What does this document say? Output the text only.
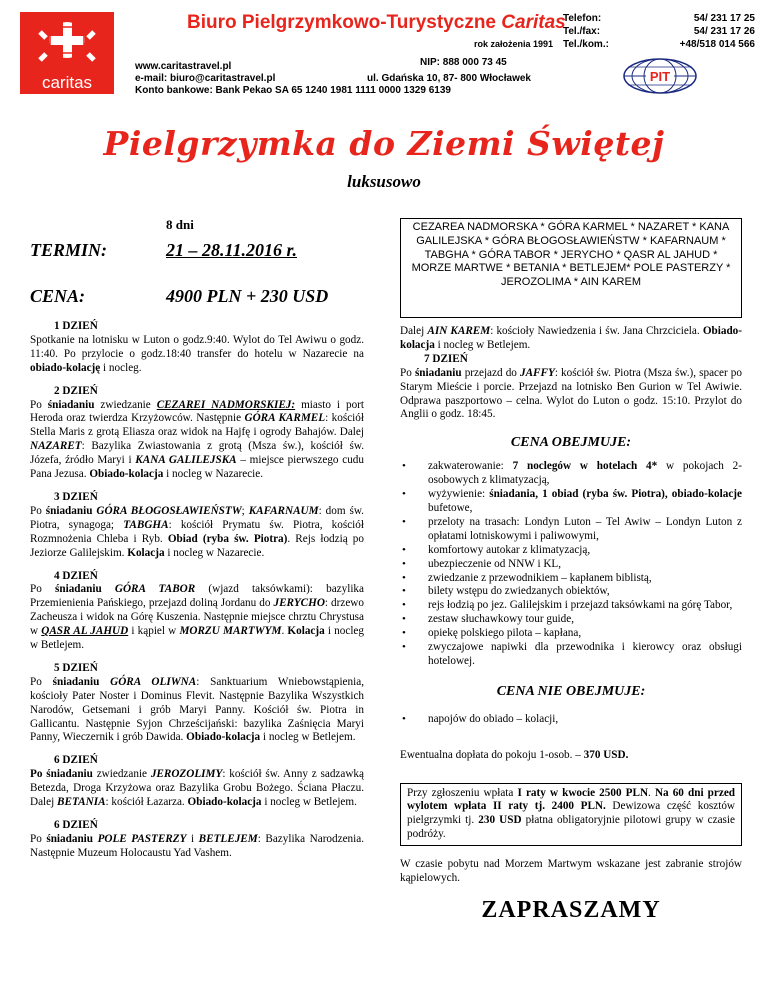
caritas
Biuro Pielgrzymkowo-Turystyczne Caritas
rok założenia 1991
Telefon:	54/ 231 17 25
Tel./fax:	54/ 231 17 26
Tel./kom.:	+48/518 014 566
www.caritastravel.pl	NIP: 888 000 73 45
e-mail: biuro@caritastravel.pl	ul. Gdańska 10, 87- 800 Włocławek
Konto bankowe: Bank Pekao SA 65 1240 1981 1111 0000 1329 6139
PIT
Pielgrzymka do Ziemi Świętej
luksusowo
8 dni
TERMIN:	21 – 28.11.2016 r.
CENA:	4900 PLN + 230 USD
CEZAREA NADMORSKA * GÓRA KARMEL * NAZARET * KANA GALILEJSKA * GÓRA BŁOGOSŁAWIEŃSTW * KAFARNAUM * TABGHA * GÓRA TABOR * JERYCHO * QASR AL JAHUD * MORZE MARTWE * BETANIA * BETLEJEM* POLE PASTERZY * JEROZOLIMA * AIN KAREM
1 DZIEŃ

Spotkanie na lotnisku w Luton o godz.9:40. Wylot do Tel Awiwu o godz. 11:40. Po przylocie o godz.18:40 transfer do hotelu w Nazarecie na obiado-kolację i nocleg.

2 DZIEŃ

Po śniadaniu zwiedzanie CEZAREI NADMORSKIEJ: miasto i port Heroda oraz twierdza Krzyżowców. Następnie GÓRA KARMEL: kościół Stella Maris z grotą Eliasza oraz widok na Hajfę i ogrody Bahajów. Dalej NAZARET: Bazylika Zwiastowania z grotą (Msza św.), kościół św. Józefa, źródło Maryi i KANA GALILEJSKA – miejsce pierwszego cudu Pana Jezusa. Obiado-kolacja i nocleg w Nazarecie.

3 DZIEŃ

Po śniadaniu GÓRA BŁOGOSŁAWIEŃSTW; KAFARNAUM: dom św. Piotra, synagoga; TABGHA: kościół Prymatu św. Piotra, kościół Rozmnożenia Chleba i Ryb. Obiad (ryba św. Piotra). Rejs łodzią po Jeziorze Galilejskim. Kolacja i nocleg w Nazarecie.

4 DZIEŃ

Po śniadaniu GÓRA TABOR (wjazd taksówkami): bazylika Przemienienia Pańskiego, przejazd doliną Jordanu do JERYCHO: drzewo Zacheusza i widok na Górę Kuszenia. Następnie miejsce chrztu Chrystusa w QASR AL JAHUD i kąpiel w MORZU MARTWYM. Kolacja i nocleg w Betlejem.

5 DZIEŃ

Po śniadaniu GÓRA OLIWNA: Sanktuarium Wniebowstąpienia, kościoły Pater Noster i Dominus Flevit. Następnie Bazylika Wszystkich Narodów, Getsemani i grób Maryi Panny. Kościół św. Piotra in Gallicantu. Następnie Syjon Chrześcijański: bazylika Zaśnięcia Maryi Panny, Wieczernik i grób Dawida. Obiado-kolacja i nocleg w Betlejem.

6 DZIEŃ

Po śniadaniu zwiedzanie JEROZOLIMY: kościół św. Anny z sadzawką Betezda, Droga Krzyżowa oraz Bazylika Grobu Bożego. Ściana Płaczu. Dalej BETANIA: kościół Łazarza. Obiado-kolacja i nocleg w Betlejem.

6 DZIEŃ

Po śniadaniu POLE PASTERZY i BETLEJEM: Bazylika Narodzenia. Następnie Muzeum Holocaustu Yad Vashem.

Dalej AIN KAREM: kościoły Nawiedzenia i św. Jana Chrzciciela. Obiado-kolacja i nocleg w Betlejem.

7 DZIEŃ

Po śniadaniu przejazd do JAFFY: kościół św. Piotra (Msza św.), spacer po Starym Mieście i porcie. Przejazd na lotnisko Ben Gurion w Tel Awiwie. Odprawa paszportowo – celna. Wylot do Luton o godz. 15:10. Przylot do Anglii o godz. 18:45.

CENA OBEJMUJE:
• zakwaterowanie: 7 noclegów w hotelach 4* w pokojach 2- osobowych z klimatyzacją,
• wyżywienie: śniadania, 1 obiad (ryba św. Piotra), obiado-kolacje bufetowe,
• przeloty na trasach: Londyn Luton – Tel Awiw – Londyn Luton z opłatami lotniskowymi i paliwowymi,
• komfortowy autokar z klimatyzacją,
• ubezpieczenie od NNW i KL,
• zwiedzanie z przewodnikiem – kapłanem biblistą,
• bilety wstępu do zwiedzanych obiektów,
• rejs łodzią po jez. Galilejskim i przejazd taksówkami na górę Tabor,
• zestaw słuchawkowy tour guide,
• opiekę polskiego pilota – kapłana,
• zwyczajowe napiwki dla przewodnika i kierowcy oraz obsługi hotelowej.
CENA NIE OBEJMUJE:
• napojów do obiado – kolacji,

Ewentualna dopłata do pokoju 1-osob. – 370 USD.

Przy zgłoszeniu wpłata I raty w kwocie 2500 PLN. Na 60 dni przed wylotem wpłata II raty tj. 2400 PLN. Dewizowa część kosztów pielgrzymki tj. 230 USD płatna obligatoryjnie pilotowi grupy w czasie podróży.

W czasie pobytu nad Morzem Martwym wskazane jest zabranie strojów kąpielowych.

ZAPRASZAMY
